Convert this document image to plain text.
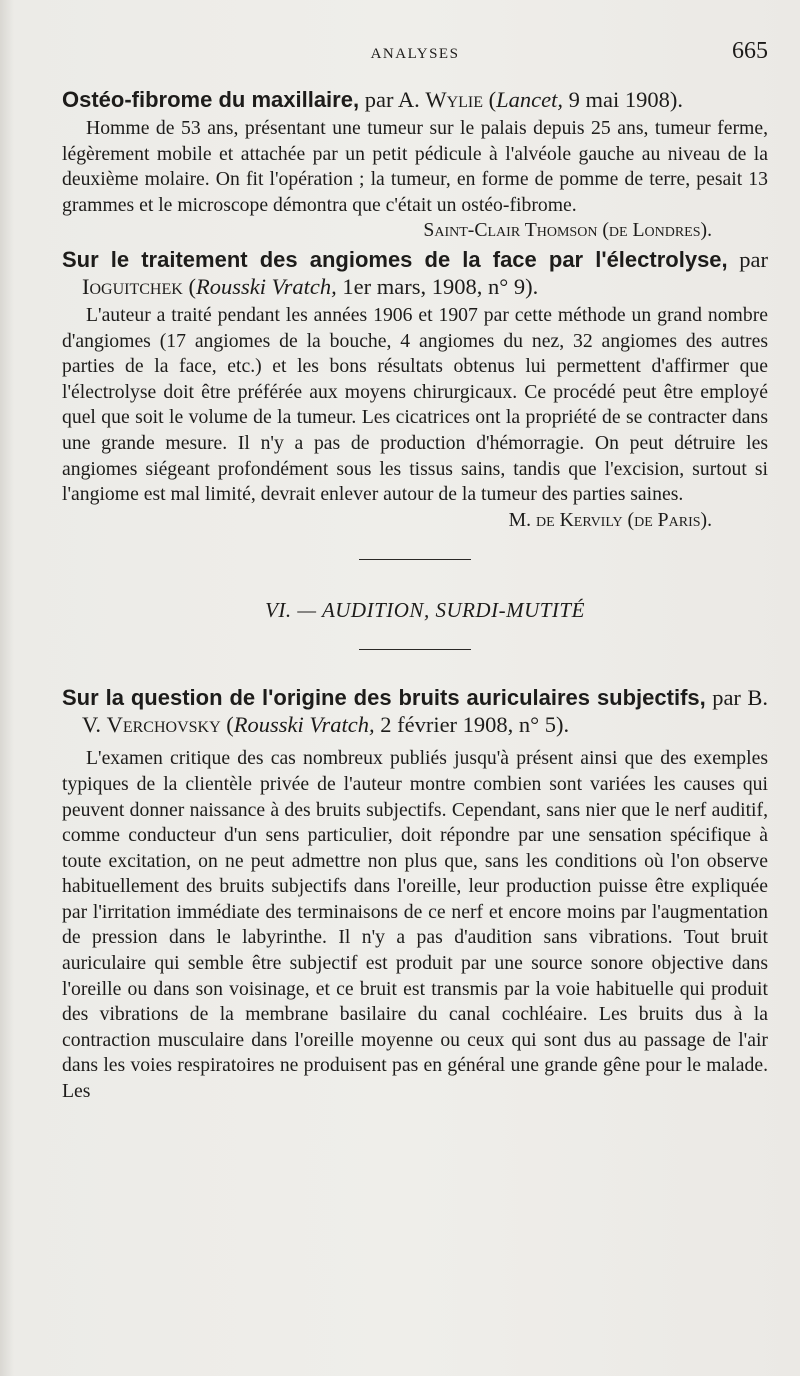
ANALYSES	665

Ostéo-fibrome du maxillaire, par A. Wylie (Lancet, 9 mai 1908).

Homme de 53 ans, présentant une tumeur sur le palais depuis 25 ans, tumeur ferme, légèrement mobile et attachée par un petit pédicule à l'alvéole gauche au niveau de la deuxième molaire. On fit l'opération ; la tumeur, en forme de pomme de terre, pesait 13 grammes et le microscope démontra que c'était un ostéo-fibrome.

Saint-Clair Thomson (de Londres).

Sur le traitement des angiomes de la face par l'électrolyse, par Ioguitchek (Rousski Vratch, 1er mars, 1908, n° 9).

L'auteur a traité pendant les années 1906 et 1907 par cette méthode un grand nombre d'angiomes (17 angiomes de la bouche, 4 angiomes du nez, 32 angiomes des autres parties de la face, etc.) et les bons résultats obtenus lui permettent d'affirmer que l'électrolyse doit être préférée aux moyens chirurgicaux. Ce procédé peut être employé quel que soit le volume de la tumeur. Les cicatrices ont la propriété de se contracter dans une grande mesure. Il n'y a pas de production d'hémorragie. On peut détruire les angiomes siégeant profondément sous les tissus sains, tandis que l'excision, surtout si l'angiome est mal limité, devrait enlever autour de la tumeur des parties saines.

M. de Kervily (de Paris).

VI. — AUDITION, SURDI-MUTITÉ

Sur la question de l'origine des bruits auriculaires subjectifs, par B. V. Verchovsky (Rousski Vratch, 2 février 1908, n° 5).

L'examen critique des cas nombreux publiés jusqu'à présent ainsi que des exemples typiques de la clientèle privée de l'auteur montre combien sont variées les causes qui peuvent donner naissance à des bruits subjectifs. Cependant, sans nier que le nerf auditif, comme conducteur d'un sens particulier, doit répondre par une sensation spécifique à toute excitation, on ne peut admettre non plus que, sans les conditions où l'on observe habituellement des bruits subjectifs dans l'oreille, leur production puisse être expliquée par l'irritation immédiate des terminaisons de ce nerf et encore moins par l'augmentation de pression dans le labyrinthe. Il n'y a pas d'audition sans vibrations. Tout bruit auriculaire qui semble être subjectif est produit par une source sonore objective dans l'oreille ou dans son voisinage, et ce bruit est transmis par la voie habituelle qui produit des vibrations de la membrane basilaire du canal cochléaire. Les bruits dus à la contraction musculaire dans l'oreille moyenne ou ceux qui sont dus au passage de l'air dans les voies respiratoires ne produisent pas en général une grande gêne pour le malade. Les
